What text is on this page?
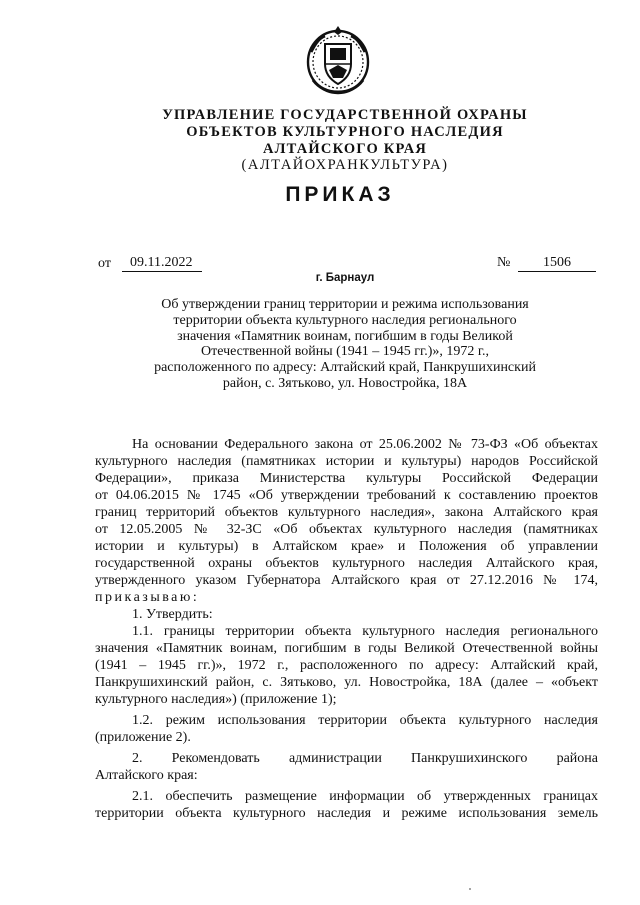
УПРАВЛЕНИЕ ГОСУДАРСТВЕННОЙ ОХРАНЫ
ОБЪЕКТОВ КУЛЬТУРНОГО НАСЛЕДИЯ
АЛТАЙСКОГО КРАЯ
(АЛТАЙОХРАНКУЛЬТУРА)
ПРИКАЗ
от	09.11.2022	№	1506
г. Барнаул
Об утверждении границ территории и режима использования
территории объекта культурного наследия регионального
значения «Памятник воинам, погибшим в годы Великой
Отечественной войны (1941 – 1945 гг.)», 1972 г.,
расположенного по адресу: Алтайский край, Панкрушихинский
район, с. Зятьково, ул. Новостройка, 18А
На основании Федерального закона от 25.06.2002 № 73-ФЗ «Об объектах
культурного наследия (памятниках истории и культуры) народов Российской
Федерации», приказа Министерства культуры Российской Федерации
от 04.06.2015 № 1745 «Об утверждении требований к составлению проектов
границ территорий объектов культурного наследия», закона Алтайского края
от 12.05.2005 № 32-ЗС «Об объектах культурного наследия (памятниках
истории и культуры) в Алтайском крае» и Положения об управлении
государственной охраны объектов культурного наследия Алтайского края,
утвержденного указом Губернатора Алтайского края от 27.12.2016 № 174,
приказываю:
1. Утвердить:
1.1. границы территории объекта культурного наследия регионального
значения «Памятник воинам, погибшим в годы Великой Отечественной войны
(1941 – 1945 гг.)», 1972 г., расположенного по адресу: Алтайский край,
Панкрушихинский район, с. Зятьково, ул. Новостройка, 18А (далее – «объект
культурного наследия») (приложение 1);
1.2. режим использования территории объекта культурного наследия
(приложение 2).
2. Рекомендовать администрации Панкрушихинского района
Алтайского края:
2.1. обеспечить размещение информации об утвержденных границах
территории объекта культурного наследия и режиме использования земель
